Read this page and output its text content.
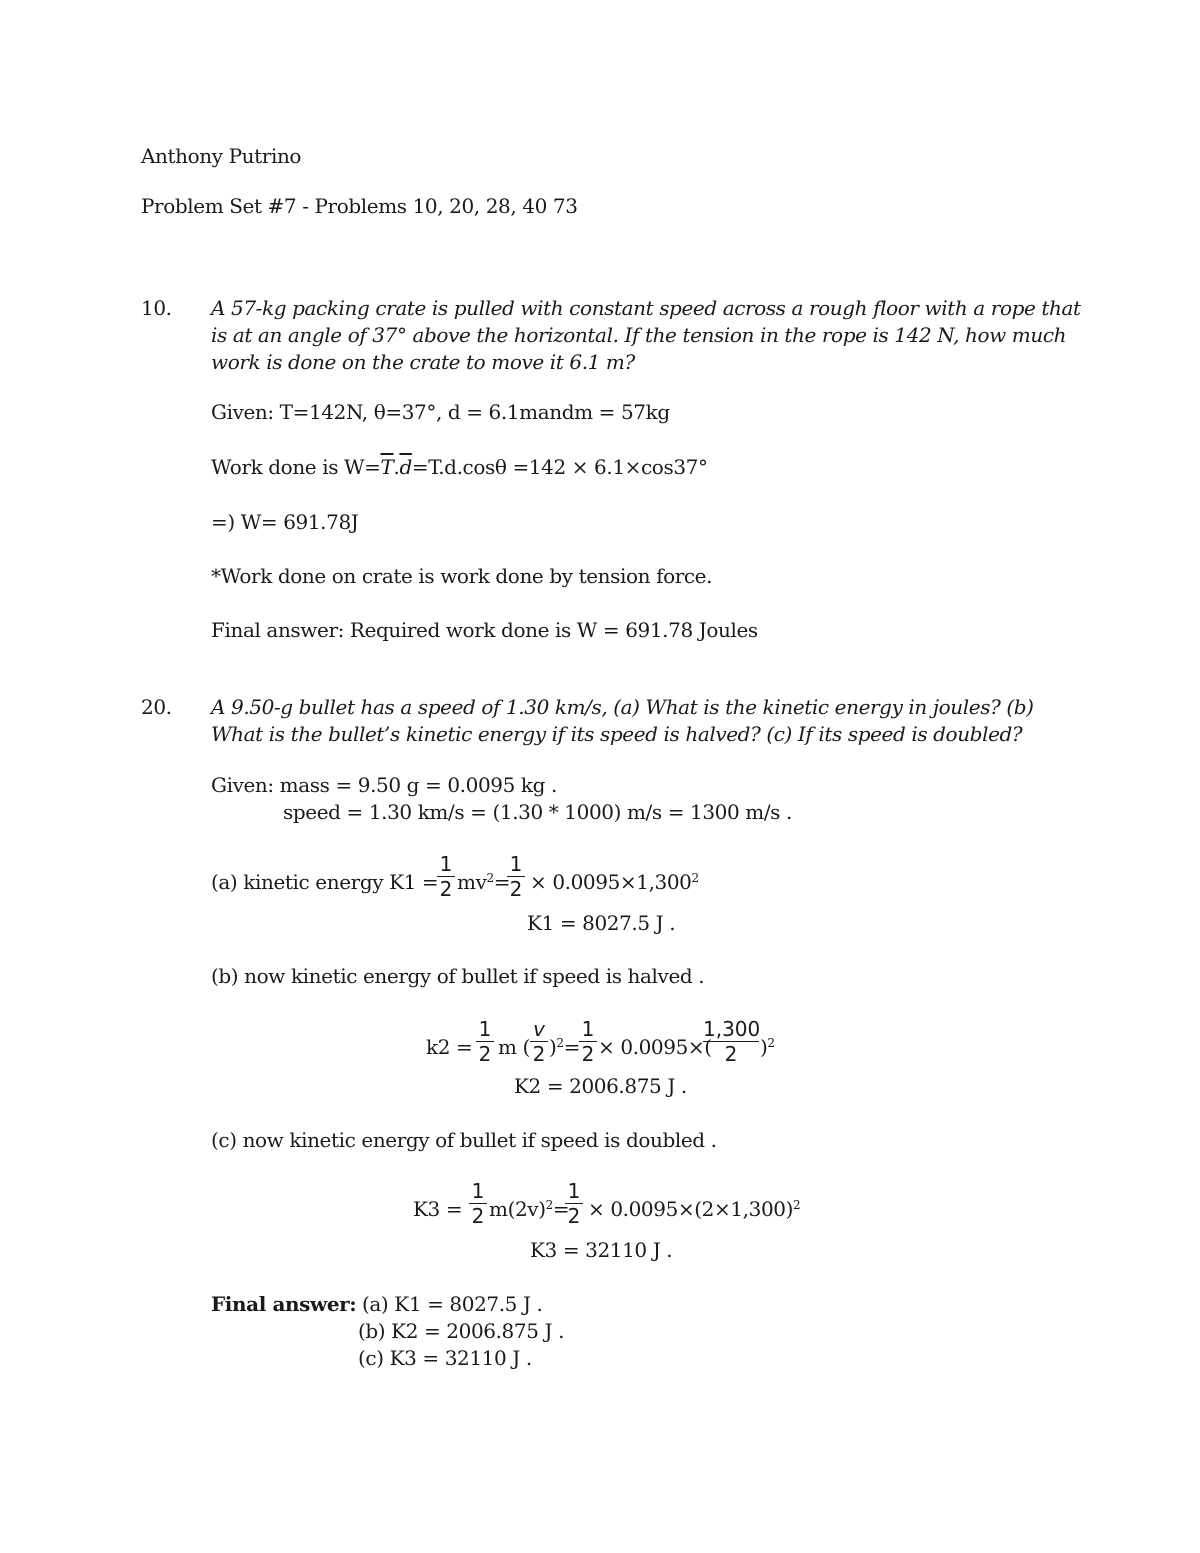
Anthony Putrino
Problem Set #7 - Problems 10, 20, 28, 40 73
10. A 57-kg packing crate is pulled with constant speed across a rough floor with a rope that
is at an angle of 37° above the horizontal. If the tension in the rope is 142 N, how much
work is done on the crate to move it 6.1 m?
Given: T=142N, θ=37°, d = 6.1mandm = 57kg
Work done is $W=\overline{T}.\overline{d}=T.d.\cos\theta =142 \times 6.1\times\cos 37^\circ$
=) W= 691.78J
*Work done on crate is work done by tension force.
Final answer: Required work done is W = 691.78 Joules
20. A 9.50-g bullet has a speed of 1.30 km/s, (a) What is the kinetic energy in joules? (b)
What is the bullet’s kinetic energy if its speed is halved? (c) If its speed is doubled?
Given: mass = 9.50 g = 0.0095 kg .
speed = 1.30 km/s = (1.30 * 1000) m/s = 1300 m/s .
(a) kinetic energy K1 =
1
2 $mv^2=$
1
$2 \times 0.0095\times 1,300^2$
K1 = 8027.5 J .
(b) now kinetic energy of bullet if speed is halved .
k2 =
1
2 m (
v
2 )$^2$=
1
2 × 0.0095×(
1,300
2	)$^2$
K2 = 2006.875 J .
(c) now kinetic energy of bullet if speed is doubled .
K3 =
1
2 $m(2v)^2=$
1
$2 \times 0.0095\times(2\times 1,300)^2$
K3 = 32110 J .
Final answer: (a) K1 = 8027.5 J .
(b) K2 = 2006.875 J .
(c) K3 = 32110 J .
